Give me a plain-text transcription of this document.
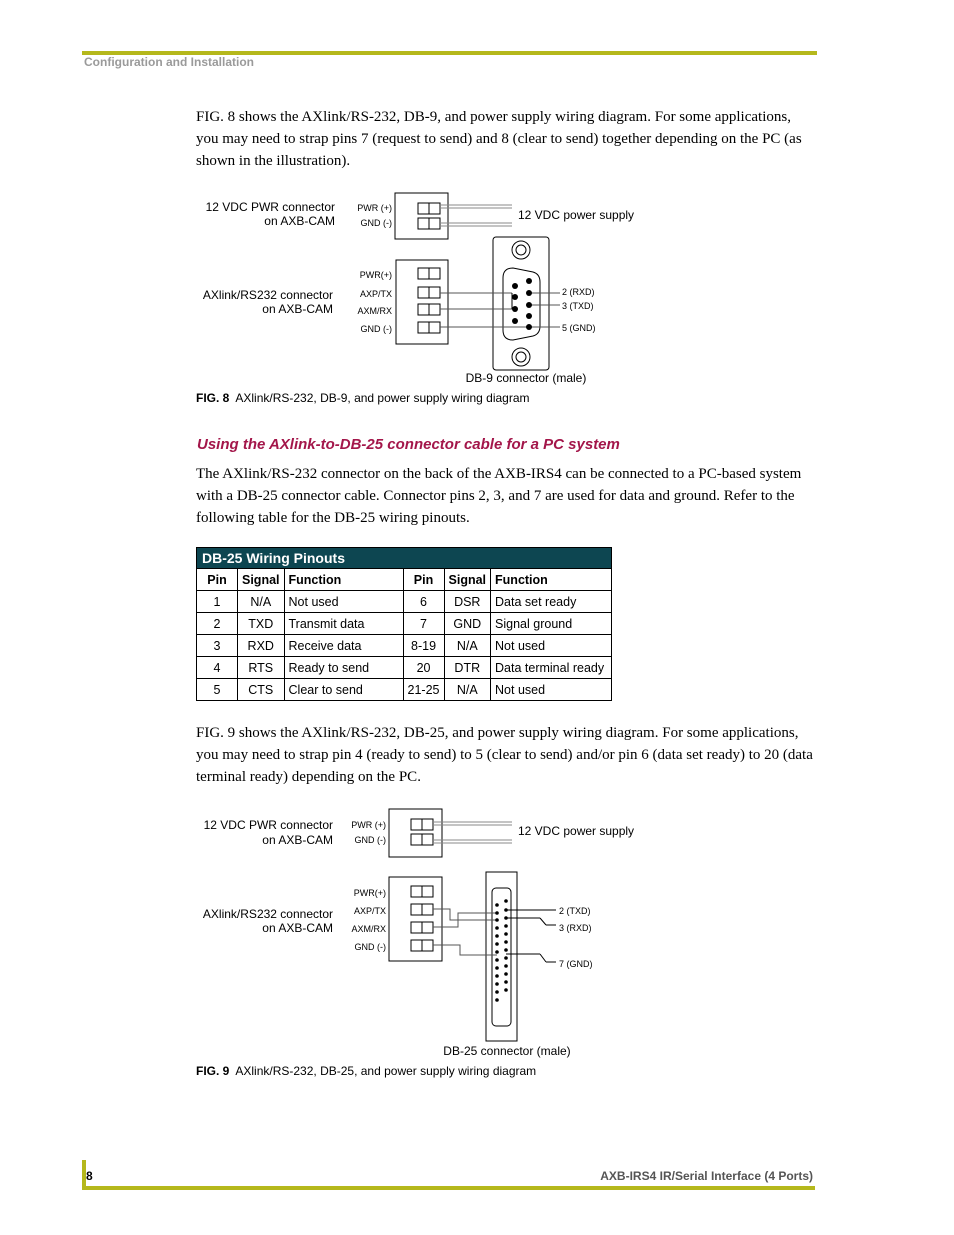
Configuration and Installation

FIG. 8 shows the AXlink/RS-232, DB-9, and power supply wiring diagram. For some applications, you may need to strap pins 7 (request to send) and 8 (clear to send) together depending on the PC (as shown in the illustration).

12 VDC PWR connector
on AXB-CAM
PWR (+)
GND (-)
12 VDC power supply
AXlink/RS232 connector
on AXB-CAM
PWR(+)
AXP/TX
AXM/RX
GND (-)
2 (RXD)
3 (TXD)
5 (GND)
DB-9 connector (male)
FIG. 8 AXlink/RS-232, DB-9, and power supply wiring diagram
Using the AXlink-to-DB-25 connector cable for a PC system

The AXlink/RS-232 connector on the back of the AXB-IRS4 can be connected to a PC-based system with a DB-25 connector cable. Connector pins 2, 3, and 7 are used for data and ground. Refer to the following table for the DB-25 wiring pinouts.

DB-25 Wiring Pinouts
Pin	Signal	Function	Pin	Signal	Function
1	N/A	Not used	6	DSR	Data set ready
2	TXD	Transmit data	7	GND	Signal ground
3	RXD	Receive data	8-19	N/A	Not used
4	RTS	Ready to send	20	DTR	Data terminal ready
5	CTS	Clear to send	21-25	N/A	Not used

FIG. 9 shows the AXlink/RS-232, DB-25, and power supply wiring diagram. For some applications, you may need to strap pin 4 (ready to send) to 5 (clear to send) and/or pin 6 (data set ready) to 20 (data terminal ready) depending on the PC.

12 VDC PWR connector
on AXB-CAM
PWR (+)
GND (-)
12 VDC power supply
AXlink/RS232 connector
on AXB-CAM
PWR(+)
AXP/TX
AXM/RX
GND (-)
2 (TXD)
3 (RXD)
7 (GND)
DB-25 connector (male)
FIG. 9 AXlink/RS-232, DB-25, and power supply wiring diagram
8	AXB-IRS4 IR/Serial Interface (4 Ports)
